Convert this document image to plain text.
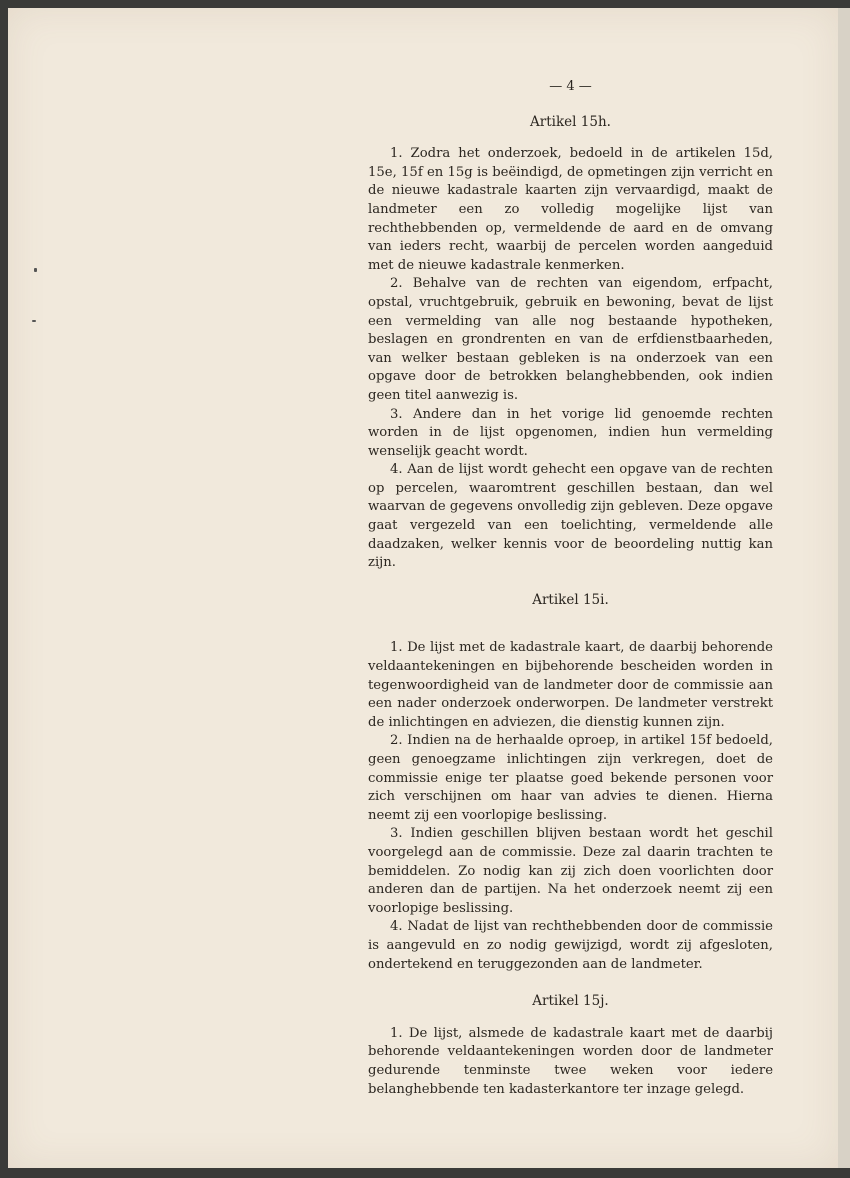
— 4 —

Artikel 15h.

1. Zodra het onderzoek, bedoeld in de artikelen 15d, 15e, 15f en 15g is beëindigd, de opmetingen zijn verricht en de nieuwe kadastrale kaarten zijn vervaardigd, maakt de landmeter een zo volledig mogelijke lijst van rechthebbenden op, vermeldende de aard en de omvang van ieders recht, waarbij de percelen worden aangeduid met de nieuwe kadastrale kenmerken.

2. Behalve van de rechten van eigendom, erfpacht, opstal, vruchtgebruik, gebruik en bewoning, bevat de lijst een vermelding van alle nog bestaande hypotheken, beslagen en grondrenten en van de erfdienstbaarheden, van welker bestaan gebleken is na onderzoek van een opgave door de betrokken belanghebbenden, ook indien geen titel aanwezig is.

3. Andere dan in het vorige lid genoemde rechten worden in de lijst opgenomen, indien hun vermelding wenselijk geacht wordt.

4. Aan de lijst wordt gehecht een opgave van de rechten op percelen, waaromtrent geschillen bestaan, dan wel waarvan de gegevens onvolledig zijn gebleven. Deze opgave gaat vergezeld van een toelichting, vermeldende alle daadzaken, welker kennis voor de beoordeling nuttig kan zijn.

Artikel 15i.

1. De lijst met de kadastrale kaart, de daarbij behorende veldaantekeningen en bijbehorende bescheiden worden in tegenwoordigheid van de landmeter door de commissie aan een nader onderzoek onderworpen. De landmeter verstrekt de inlichtingen en adviezen, die dienstig kunnen zijn.

2. Indien na de herhaalde oproep, in artikel 15f bedoeld, geen genoegzame inlichtingen zijn verkregen, doet de commissie enige ter plaatse goed bekende personen voor zich verschijnen om haar van advies te dienen. Hierna neemt zij een voorlopige beslissing.

3. Indien geschillen blijven bestaan wordt het geschil voorgelegd aan de commissie. Deze zal daarin trachten te bemiddelen. Zo nodig kan zij zich doen voorlichten door anderen dan de partijen. Na het onderzoek neemt zij een voorlopige beslissing.

4. Nadat de lijst van rechthebbenden door de commissie is aangevuld en zo nodig gewijzigd, wordt zij afgesloten, ondertekend en teruggezonden aan de landmeter.

Artikel 15j.

1. De lijst, alsmede de kadastrale kaart met de daarbij behorende veldaantekeningen worden door de landmeter gedurende tenminste twee weken voor iedere belanghebbende ten kadasterkantore ter inzage gelegd.
